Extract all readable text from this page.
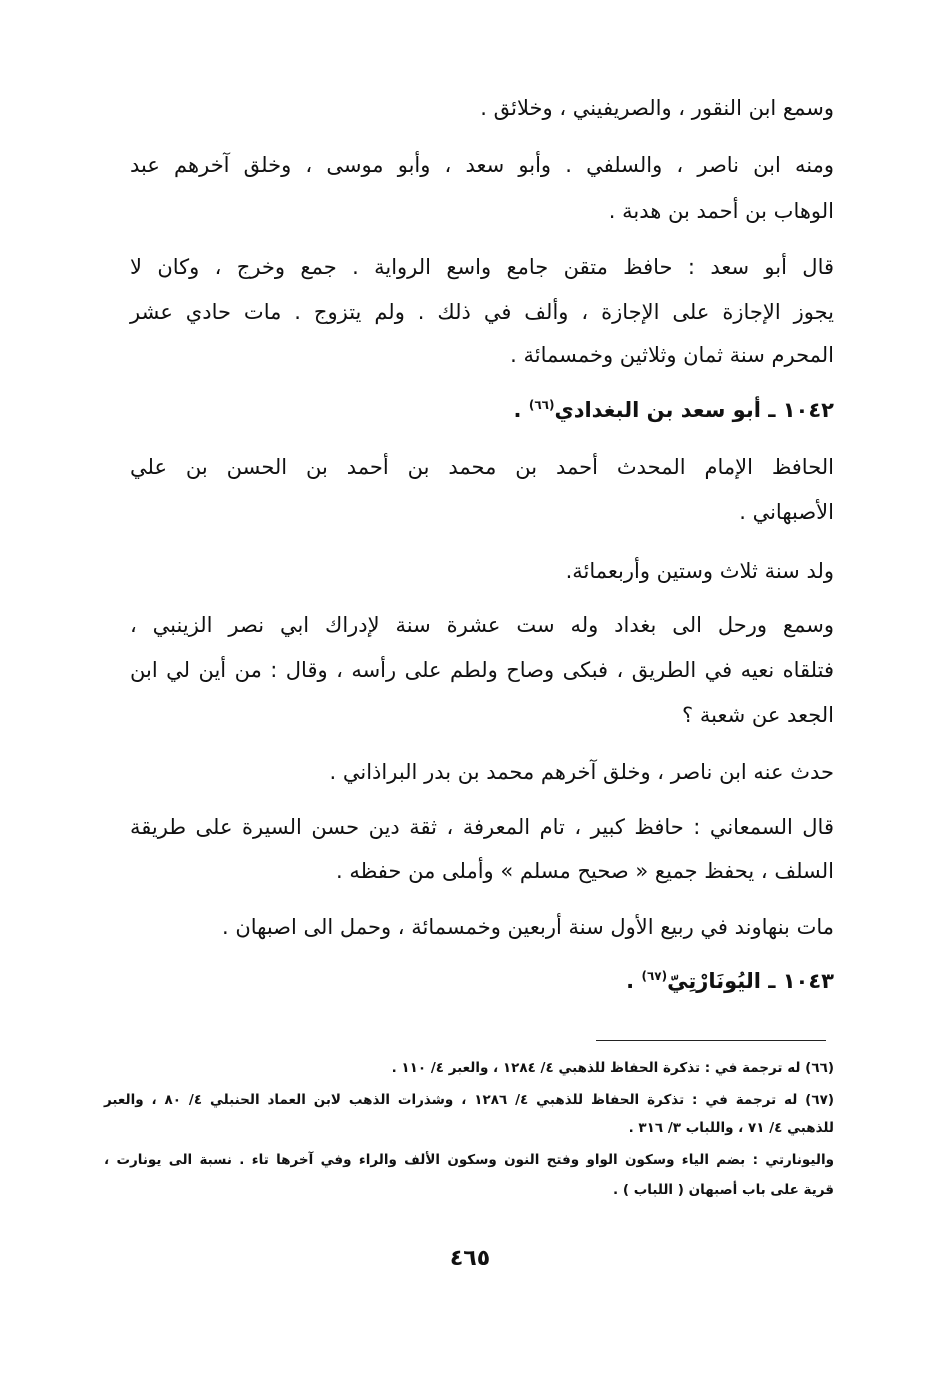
وسمع ابن النقور ، والصريفيني ، وخلائق .
ومنه ابن ناصر ، والسلفي . وأبو سعد ، وأبو موسى ، وخلق آخرهم عبد
الوهاب بن أحمد بن هدبة .
قال أبو سعد : حافظ متقن جامع واسع الرواية . جمع وخرج ، وكان لا
يجوز الإجازة على الإجازة ، وألف في ذلك . ولم يتزوج . مات حادي عشر
المحرم سنة ثمان وثلاثين وخمسمائة .
١٠٤٢ ـ أبو سعد بن البغدادي$^{(٦٦)}$ .
الحافظ الإمام المحدث أحمد بن محمد بن أحمد بن الحسن بن علي
الأصبهاني .
ولد سنة ثلاث وستين وأربعمائة.
وسمع ورحل الى بغداد وله ست عشرة سنة لإدراك ابي نصر الزينبي ،
فتلقاه نعيه في الطريق ، فبكى وصاح ولطم على رأسه ، وقال : من أين لي ابن
الجعد عن شعبة ؟
حدث عنه ابن ناصر ، وخلق آخرهم محمد بن بدر البراذاني .
قال السمعاني : حافظ كبير ، تام المعرفة ، ثقة دين حسن السيرة على طريقة
السلف ، يحفظ جميع « صحيح مسلم » وأملى من حفظه .
مات بنهاوند في ربيع الأول سنة أربعين وخمسمائة ، وحمل الى اصبهان .
١٠٤٣ ـ اليُونَارْتِيّ$^{(٦٧)}$ .
(٦٦) له ترجمة في : تذكرة الحفاظ للذهبي ٤/ ١٢٨٤ ، والعبر ٤/ ١١٠ .
(٦٧) له ترجمة في : تذكرة الحفاظ للذهبي ٤/ ١٢٨٦ ، وشذرات الذهب لابن العماد الحنبلي ٤/ ٨٠ ، والعبر
للذهبي ٤/ ٧١ ، واللباب ٣/ ٣١٦ .
واليونارتي : بضم الياء وسكون الواو وفتح النون وسكون الألف والراء وفي آخرها تاء . نسبة الى يونارت ،
قرية على باب أصبهان ( اللباب ) .
٤٦٥
